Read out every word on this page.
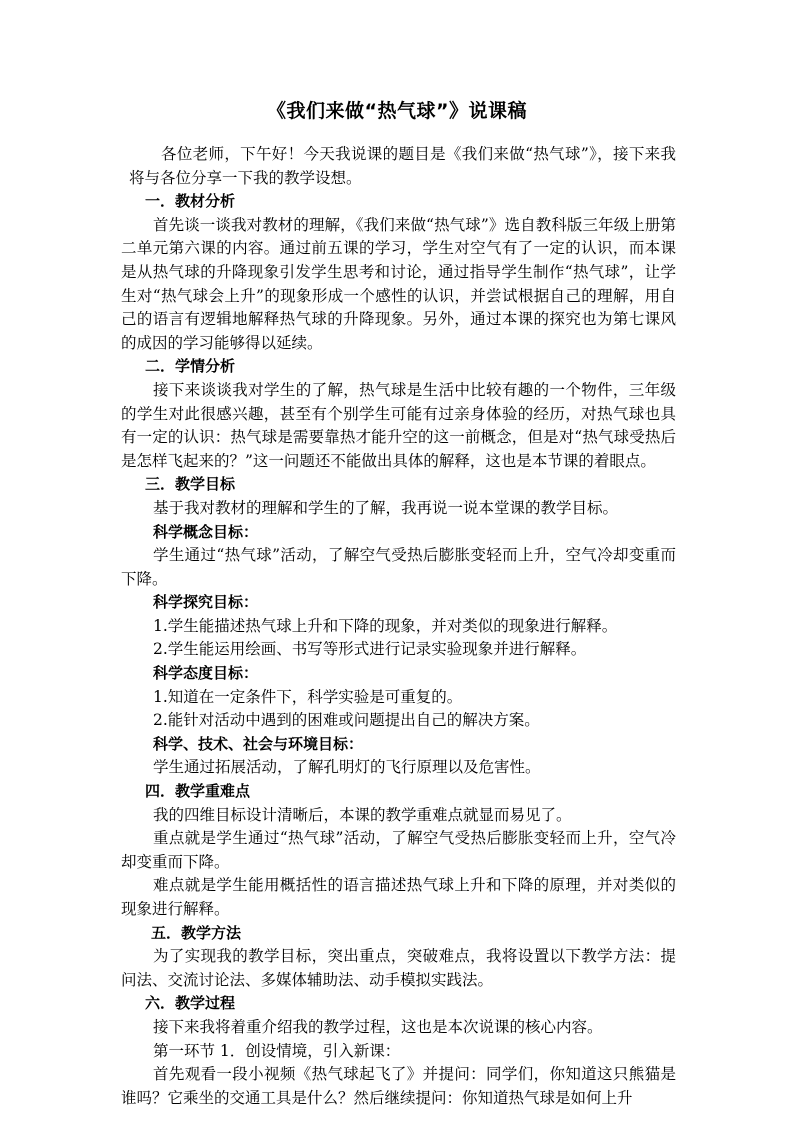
《我们来做“热气球”》说课稿

各位老师，下午好！今天我说课的题目是《我们来做“热气球”》，接下来我将与各位分享一下我的教学设想。

一．教材分析

首先谈一谈我对教材的理解，《我们来做“热气球”》选自教科版三年级上册第二单元第六课的内容。通过前五课的学习，学生对空气有了一定的认识，而本课是从热气球的升降现象引发学生思考和讨论，通过指导学生制作“热气球”，让学生对“热气球会上升”的现象形成一个感性的认识，并尝试根据自己的理解，用自己的语言有逻辑地解释热气球的升降现象。另外，通过本课的探究也为第七课风的成因的学习能够得以延续。

二．学情分析

接下来谈谈我对学生的了解，热气球是生活中比较有趣的一个物件，三年级的学生对此很感兴趣，甚至有个别学生可能有过亲身体验的经历，对热气球也具有一定的认识：热气球是需要靠热才能升空的这一前概念，但是对“热气球受热后是怎样飞起来的？”这一问题还不能做出具体的解释，这也是本节课的着眼点。

三．教学目标

基于我对教材的理解和学生的了解，我再说一说本堂课的教学目标。

科学概念目标：

学生通过“热气球”活动，了解空气受热后膨胀变轻而上升，空气冷却变重而下降。

科学探究目标：

1.学生能描述热气球上升和下降的现象，并对类似的现象进行解释。

2.学生能运用绘画、书写等形式进行记录实验现象并进行解释。

科学态度目标：

1.知道在一定条件下，科学实验是可重复的。

2.能针对活动中遇到的困难或问题提出自己的解决方案。

科学、技术、社会与环境目标：

学生通过拓展活动，了解孔明灯的飞行原理以及危害性。

四．教学重难点

我的四维目标设计清晰后，本课的教学重难点就显而易见了。

重点就是学生通过“热气球”活动，了解空气受热后膨胀变轻而上升，空气冷却变重而下降。

难点就是学生能用概括性的语言描述热气球上升和下降的原理，并对类似的现象进行解释。

五．教学方法

为了实现我的教学目标，突出重点，突破难点，我将设置以下教学方法：提问法、交流讨论法、多媒体辅助法、动手模拟实践法。

六．教学过程

接下来我将着重介绍我的教学过程，这也是本次说课的核心内容。

第一环节 1．创设情境，引入新课：

首先观看一段小视频《热气球起飞了》并提问：同学们，你知道这只熊猫是谁吗？它乘坐的交通工具是什么？然后继续提问：你知道热气球是如何上升
